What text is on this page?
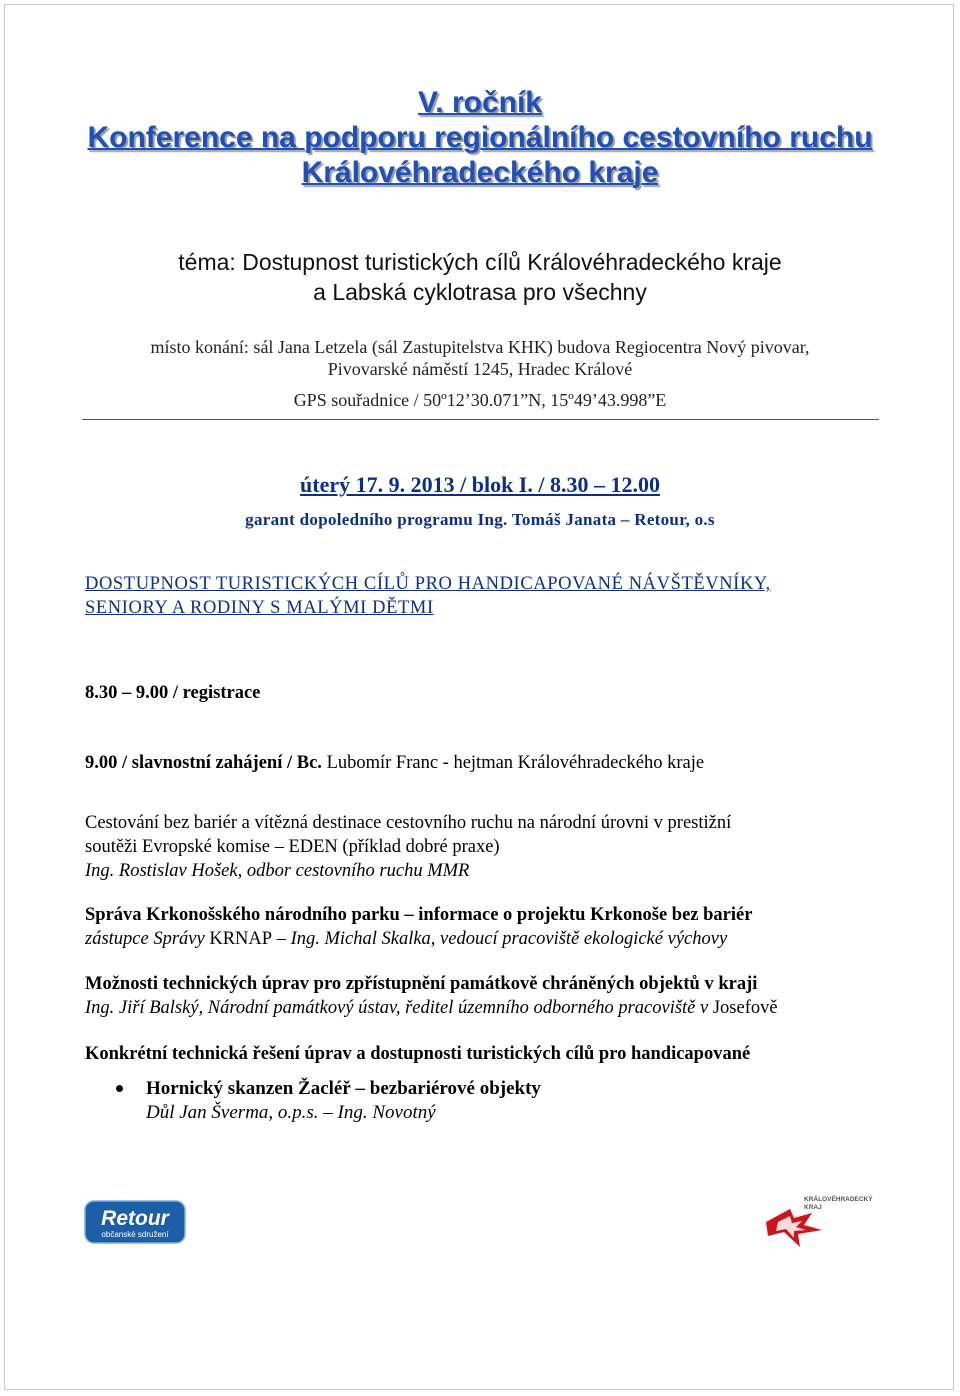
V. ročník
Konference na podporu regionálního cestovního ruchu
Královéhradeckého kraje
téma: Dostupnost turistických cílů Královéhradeckého kraje
a Labská cyklotrasa pro všechny
místo konání: sál Jana Letzela (sál Zastupitelstva KHK) budova Regiocentra Nový pivovar,
Pivovarské náměstí 1245, Hradec Králové
GPS souřadnice / 50º12’30.071”N, 15º49’43.998”E
úterý 17. 9. 2013 / blok I. / 8.30 – 12.00
garant dopoledního programu Ing. Tomáš Janata – Retour, o.s
DOSTUPNOST TURISTICKÝCH CÍLŮ PRO HANDICAPOVANÉ NÁVŠTĚVNÍKY,
SENIORY A RODINY S MALÝMI DĚTMI
8.30 – 9.00 / registrace
9.00 / slavnostní zahájení / Bc. Lubomír Franc - hejtman Královéhradeckého kraje
Cestování bez bariér a vítězná destinace cestovního ruchu na národní úrovni v prestižní
soutěži Evropské komise – EDEN (příklad dobré praxe)
Ing. Rostislav Hošek, odbor cestovního ruchu MMR
Správa Krkonošského národního parku – informace o projektu Krkonoše bez bariér
zástupce Správy KRNAP – Ing. Michal Skalka, vedoucí pracoviště ekologické výchovy
Možnosti technických úprav pro zpřístupnění památkově chráněných objektů v kraji
Ing. Jiří Balský, Národní památkový ústav, ředitel územního odborného pracoviště v Josefově
Konkrétní technická řešení úprav a dostupnosti turistických cílů pro handicapované
Hornický skanzen Žacléř – bezbariérové objekty
Důl Jan Šverma, o.p.s. – Ing. Novotný
Retour
občanské sdružení
KRÁLOVÉHRADECKÝ
KRAJ
